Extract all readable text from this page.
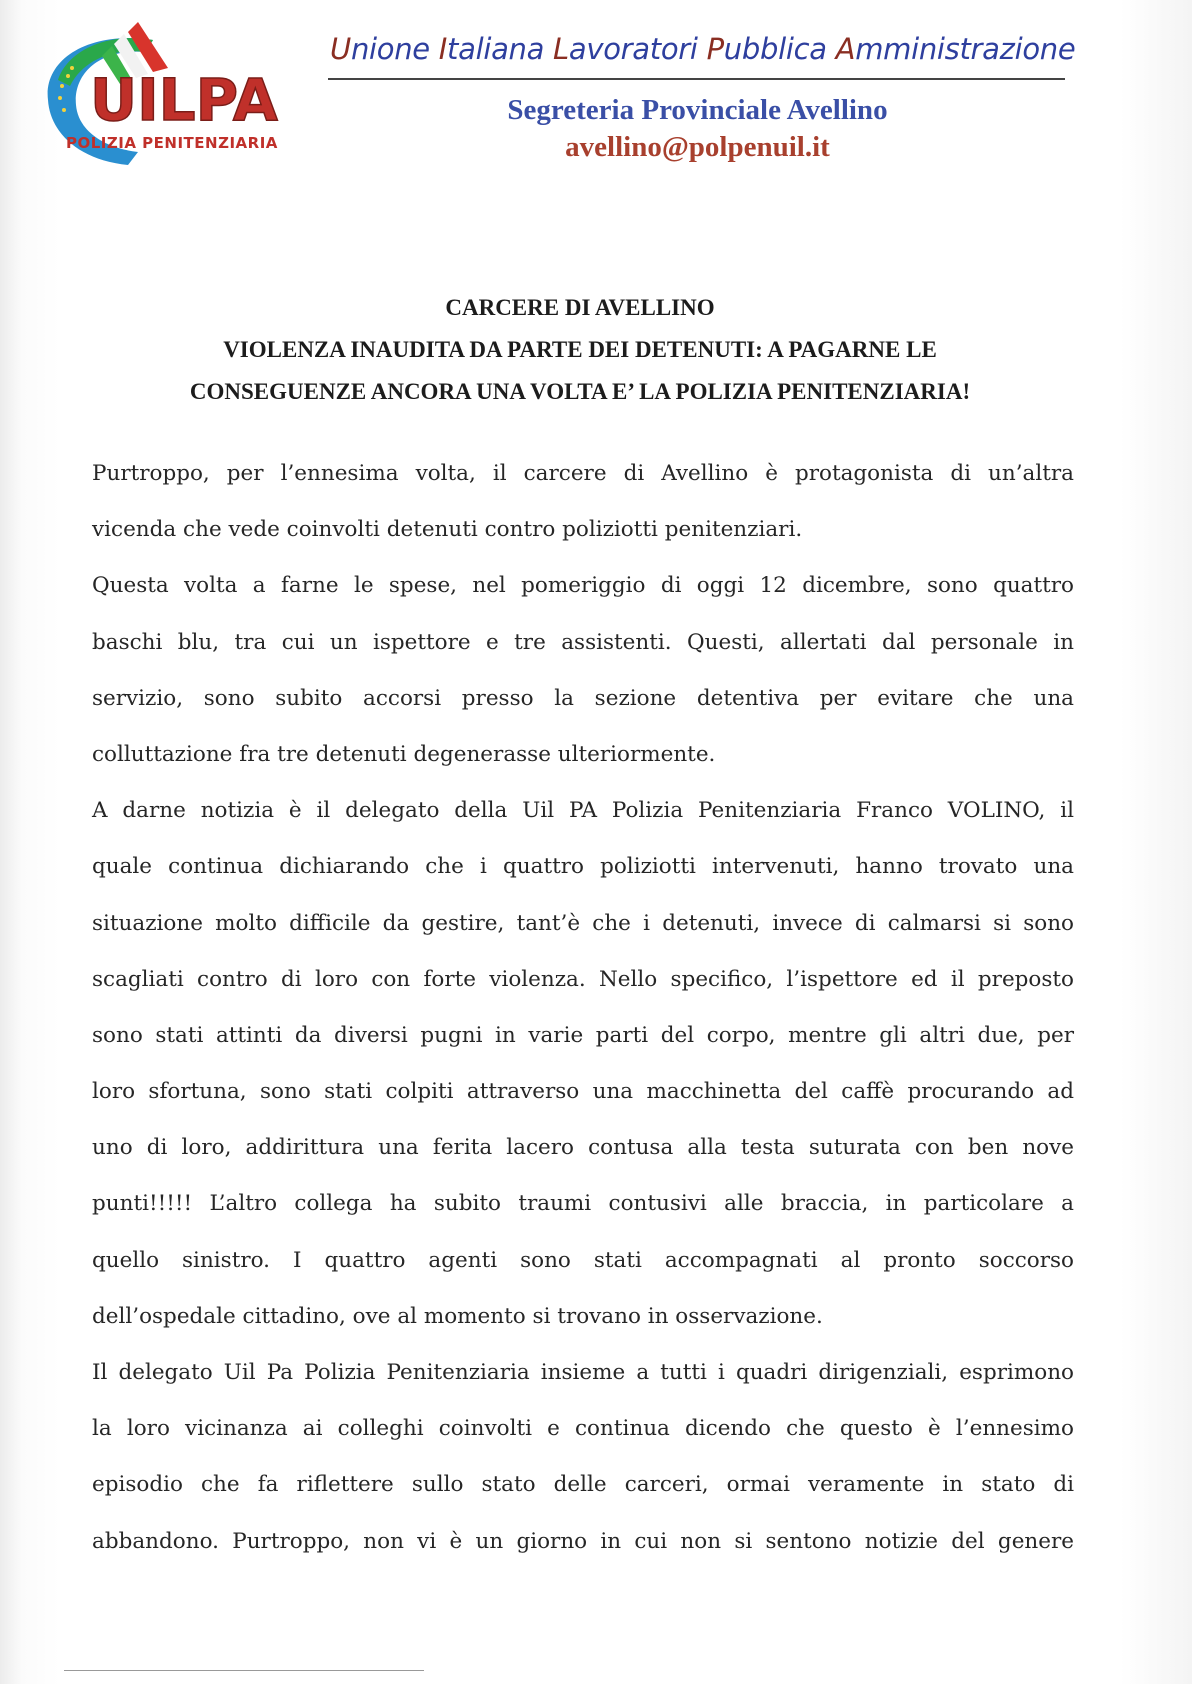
UILPA
POLIZIA PENITENZIARIA
Unione Italiana Lavoratori Pubblica Amministrazione
Segreteria Provinciale Avellino
avellino@polpenuil.it
CARCERE DI AVELLINO
VIOLENZA INAUDITA DA PARTE DEI DETENUTI: A PAGARNE LE
CONSEGUENZE ANCORA UNA VOLTA E’ LA POLIZIA PENITENZIARIA!
Purtroppo, per l’ennesima volta, il carcere di Avellino è protagonista di un’altra
vicenda che vede coinvolti detenuti contro poliziotti penitenziari.
Questa volta a farne le spese, nel pomeriggio di oggi 12 dicembre, sono quattro
baschi blu, tra cui un ispettore e tre assistenti. Questi, allertati dal personale in
servizio, sono subito accorsi presso la sezione detentiva per evitare che una
colluttazione fra tre detenuti degenerasse ulteriormente.
A darne notizia è il delegato della Uil PA Polizia Penitenziaria Franco VOLINO, il
quale continua dichiarando che i quattro poliziotti intervenuti, hanno trovato una
situazione molto difficile da gestire, tant’è che i detenuti, invece di calmarsi si sono
scagliati contro di loro con forte violenza. Nello specifico, l’ispettore ed il preposto
sono stati attinti da diversi pugni in varie parti del corpo, mentre gli altri due, per
loro sfortuna, sono stati colpiti attraverso una macchinetta del caffè procurando ad
uno di loro, addirittura una ferita lacero contusa alla testa suturata con ben nove
punti!!!!! L’altro collega ha subito traumi contusivi alle braccia, in particolare a
quello sinistro. I quattro agenti sono stati accompagnati al pronto soccorso
dell’ospedale cittadino, ove al momento si trovano in osservazione.
Il delegato Uil Pa Polizia Penitenziaria insieme a tutti i quadri dirigenziali, esprimono
la loro vicinanza ai colleghi coinvolti e continua dicendo che questo è l’ennesimo
episodio che fa riflettere sullo stato delle carceri, ormai veramente in stato di
abbandono. Purtroppo, non vi è un giorno in cui non si sentono notizie del genere
